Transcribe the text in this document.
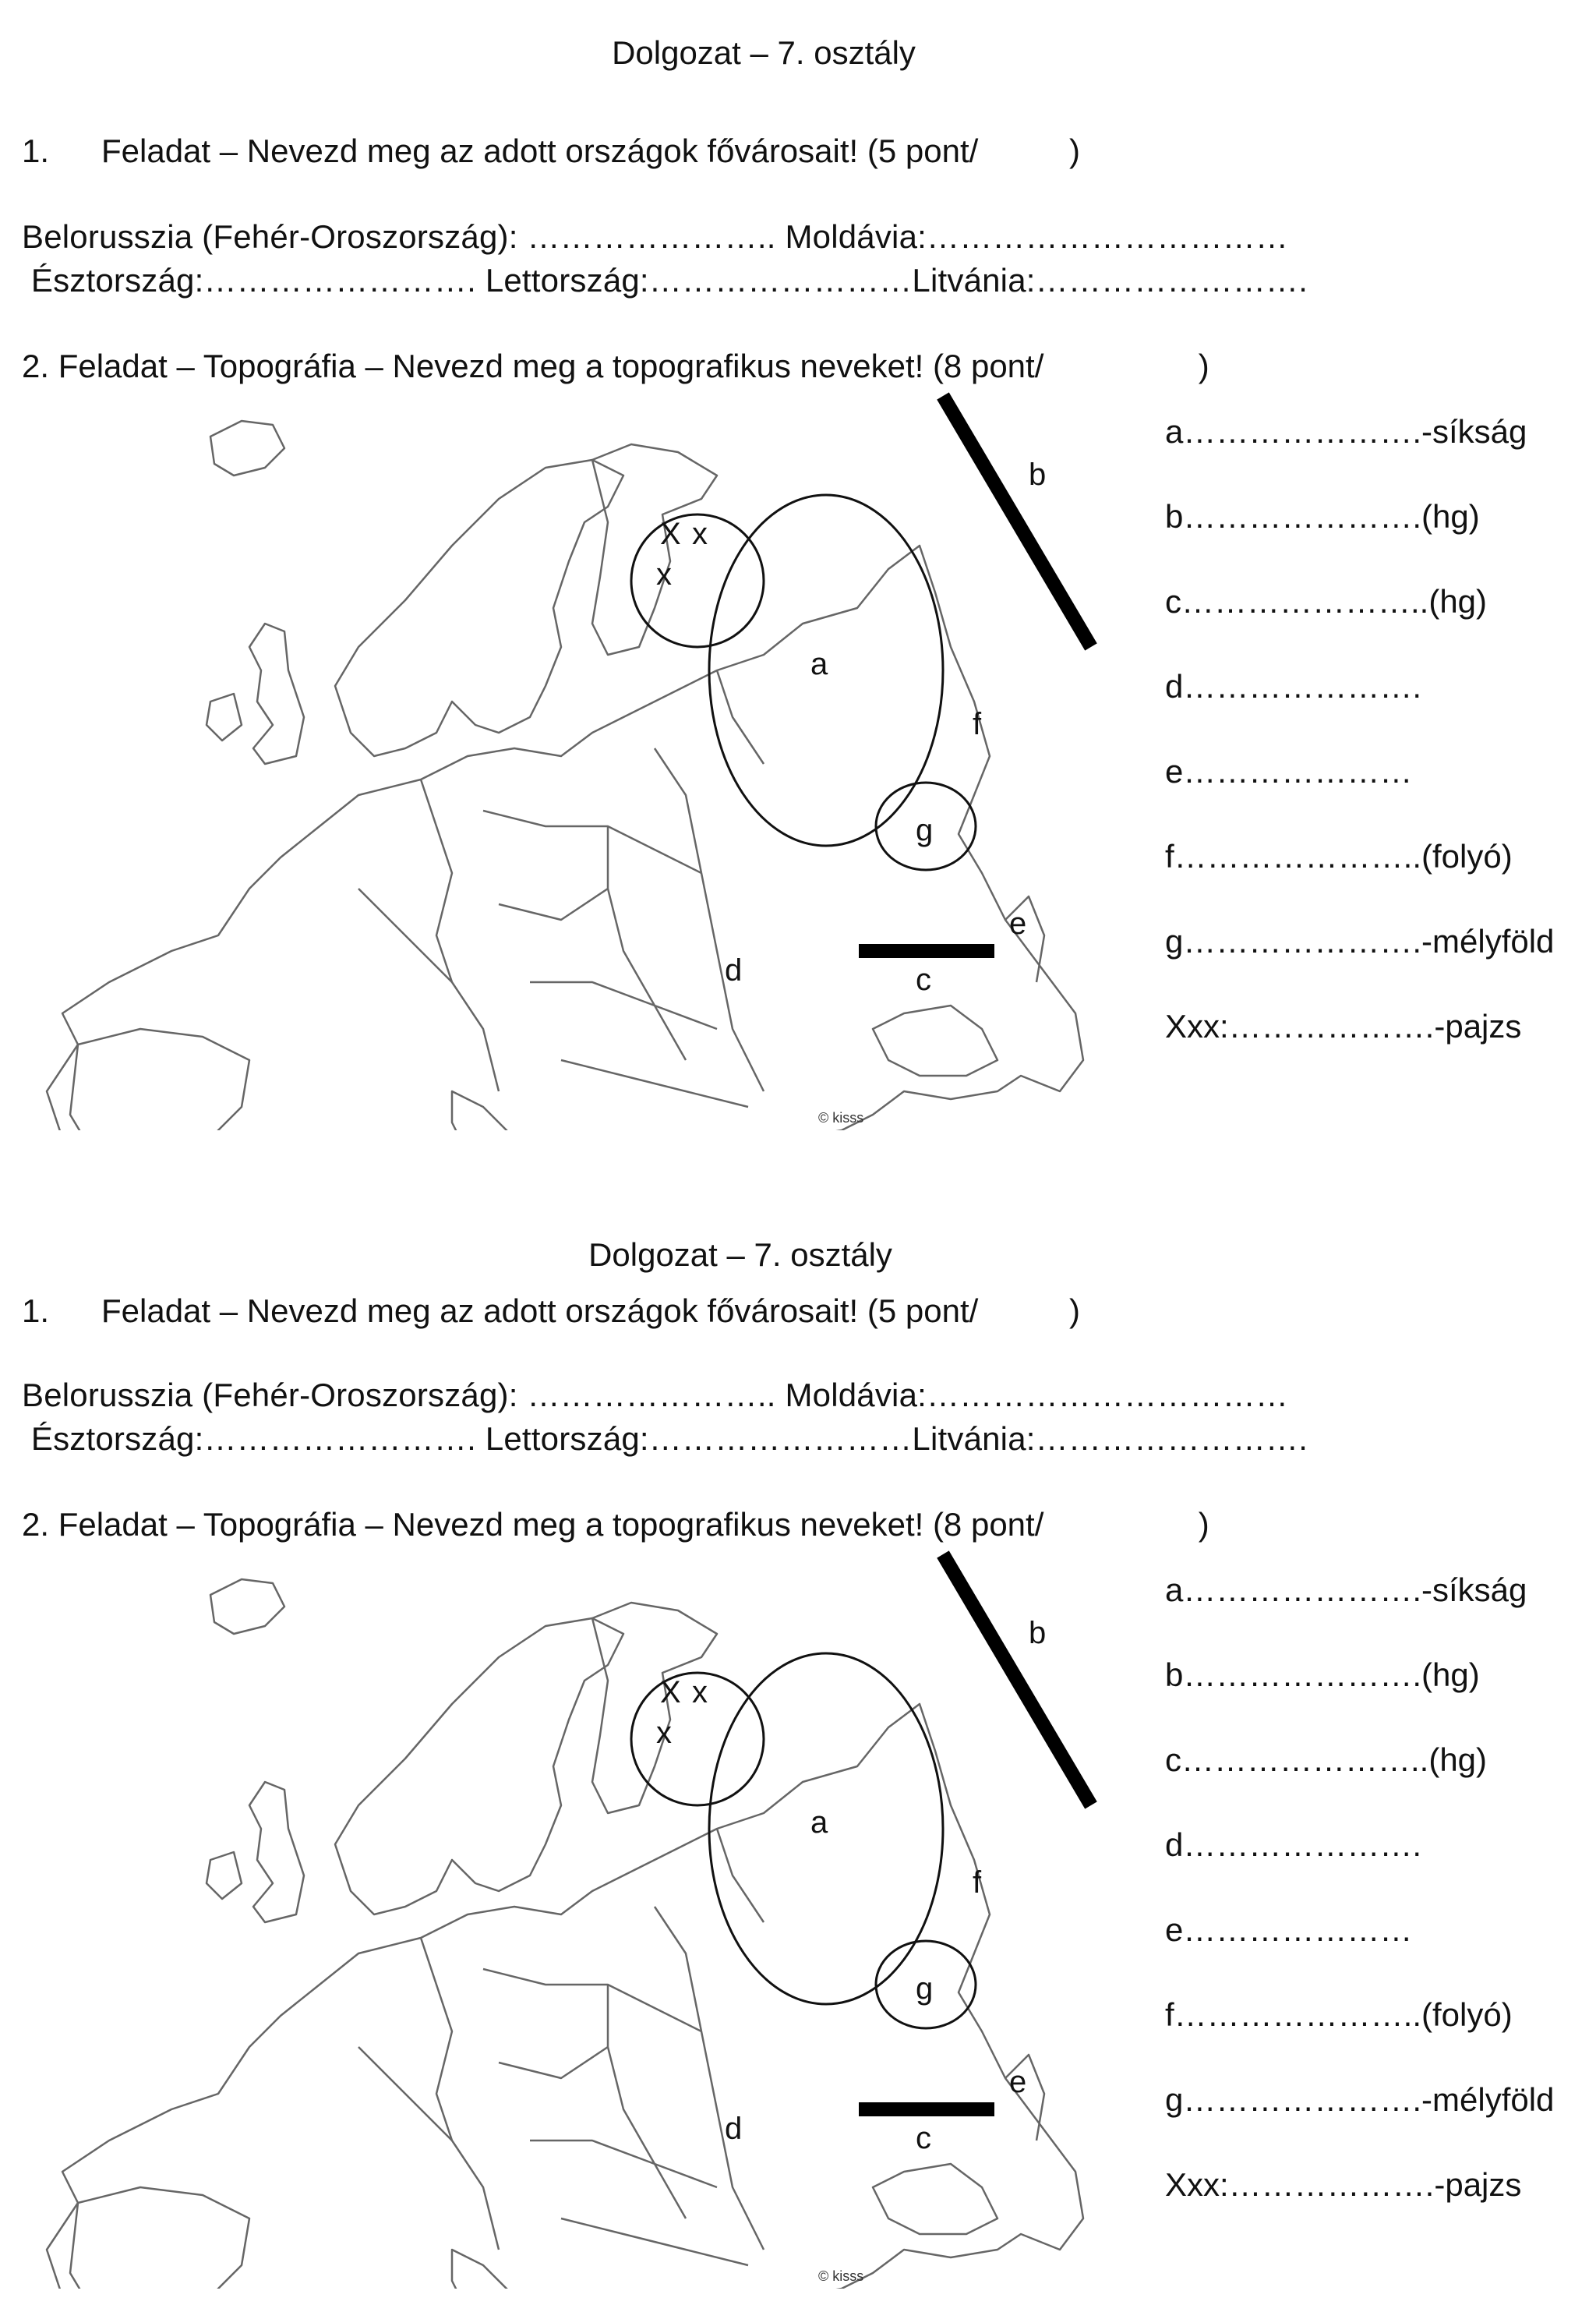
Dolgozat – 7. osztály
1. Feladat – Nevezd meg az adott országok fővárosait! (5 pont/          )
Belorusszia (Fehér-Oroszország): ………………….. Moldávia:……………………………
Észtország:……………………. Lettország:……………………Litvánia:…………………….
2. Feladat – Topográfia – Nevezd meg a topografikus neveket! (8 pont/                 )
X x
x
a
b
c
d
e
f
g
© kisss
a………………….-síkság
b………………….(hg)
c…………………..(hg)
d………………….
e…………………
f…………………..(folyó)
g………………….-mélyföld
Xxx:……………….-pajzs
Dolgozat – 7. osztály
1. Feladat – Nevezd meg az adott országok fővárosait! (5 pont/          )
Belorusszia (Fehér-Oroszország): ………………….. Moldávia:……………………………
Észtország:……………………. Lettország:……………………Litvánia:…………………….
2. Feladat – Topográfia – Nevezd meg a topografikus neveket! (8 pont/                 )
X x
x
a
b
c
d
e
f
g
© kisss
a………………….-síkság
b………………….(hg)
c…………………..(hg)
d………………….
e…………………
f…………………..(folyó)
g………………….-mélyföld
Xxx:……………….-pajzs
